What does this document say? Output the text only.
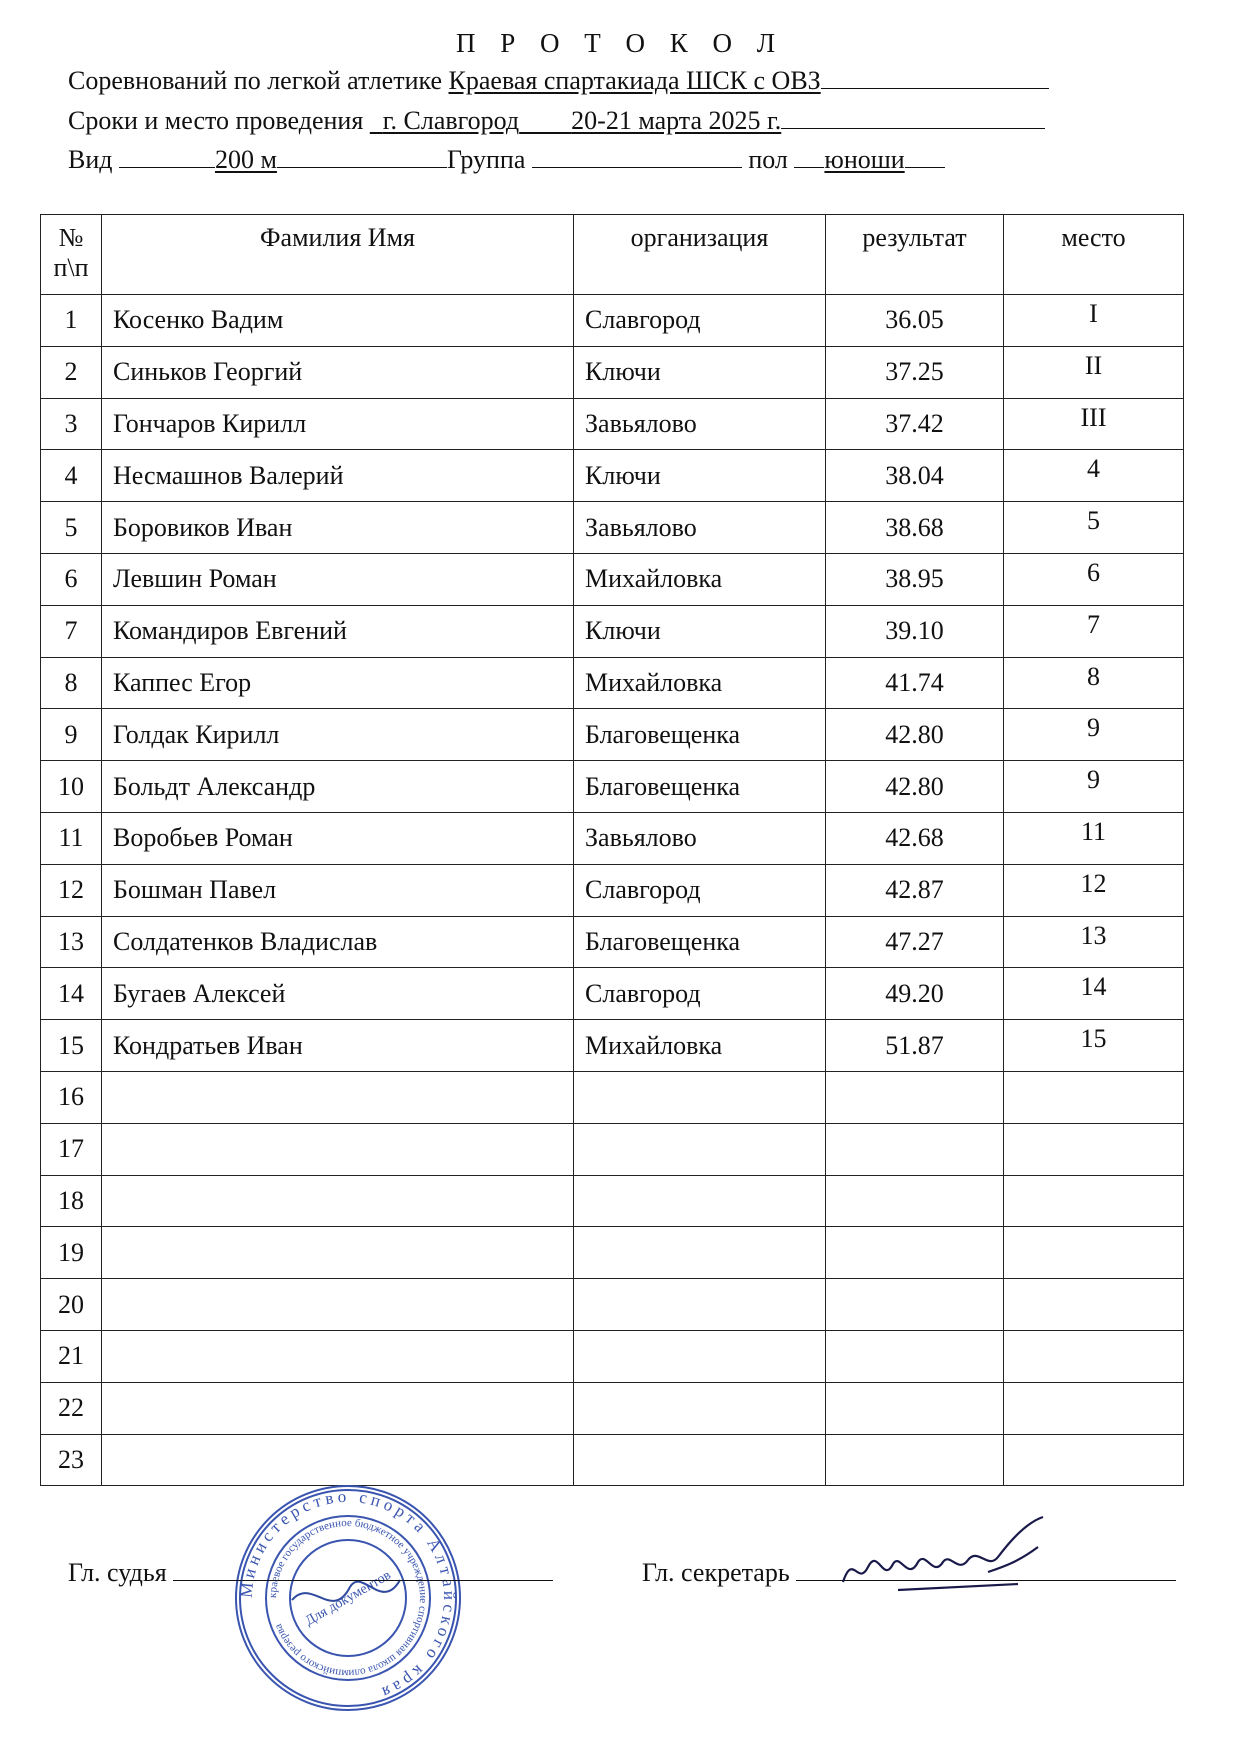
П Р О Т О К О Л
Соревнований по легкой атлетике Краевая спартакиада ШСК с ОВЗ
Сроки и место проведения г. Славгород 20-21 марта 2025 г.
Вид	200 м	Группа	пол юноши
№ п\п	Фамилия Имя	организация	результат	место
1	Косенко Вадим	Славгород	36.05	I
2	Синьков Георгий	Ключи	37.25	II
3	Гончаров Кирилл	Завьялово	37.42	III
4	Несмашнов Валерий	Ключи	38.04	4
5	Боровиков Иван	Завьялово	38.68	5
6	Левшин Роман	Михайловка	38.95	6
7	Командиров Евгений	Ключи	39.10	7
8	Каппес Егор	Михайловка	41.74	8
9	Голдак Кирилл	Благовещенка	42.80	9
10	Больдт Александр	Благовещенка	42.80	9
11	Воробьев Роман	Завьялово	42.68	11
12	Бошман Павел	Славгород	42.87	12
13	Солдатенков Владислав	Благовещенка	47.27	13
14	Бугаев Алексей	Славгород	49.20	14
15	Кондратьев Иван	Михайловка	51.87	15
16				
17				
18				
19				
20				
21				
22				
23				
Министерство спорта Алтайского края
краевое государственное бюджетное учреждение спортивная школа олимпийского резерва	Для документов
Гл. судья	Гл. секретарь
